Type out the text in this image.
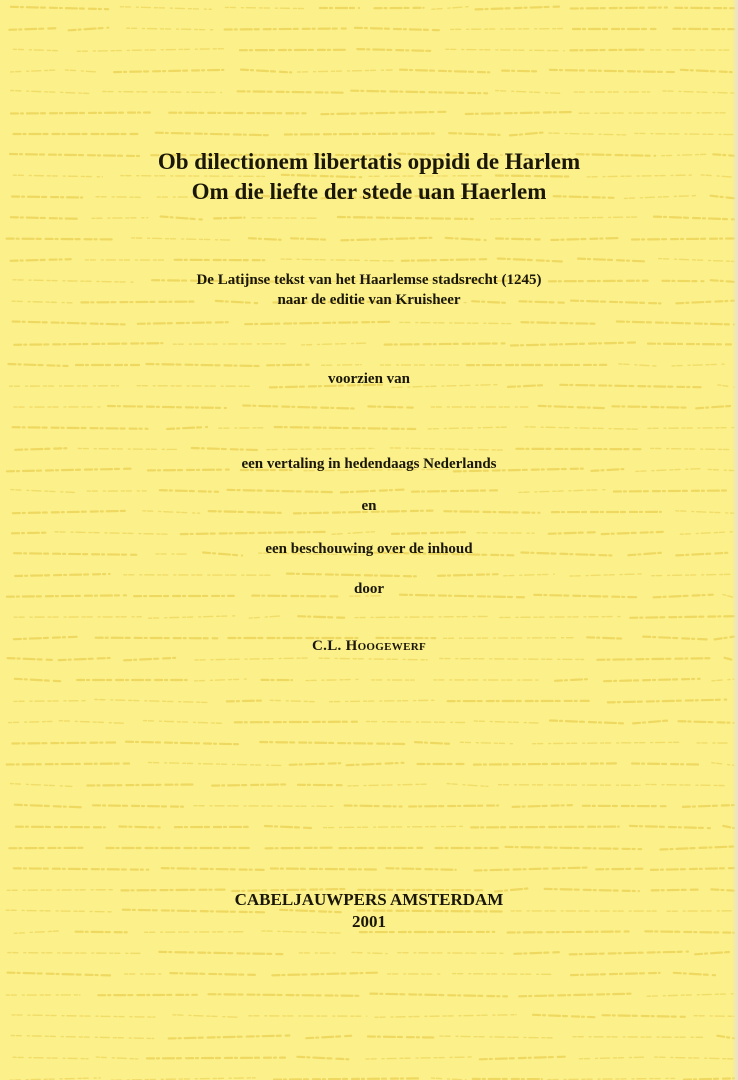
Ob dilectionem libertatis oppidi de Harlem
Om die liefte der stede uan Haerlem

De Latijnse tekst van het Haarlemse stadsrecht (1245)

naar de editie van Kruisheer

voorzien van

een vertaling in hedendaags Nederlands

en

een beschouwing over de inhoud

door

C.L. Hoogewerf

CABELJAUWPERS AMSTERDAM

2001
